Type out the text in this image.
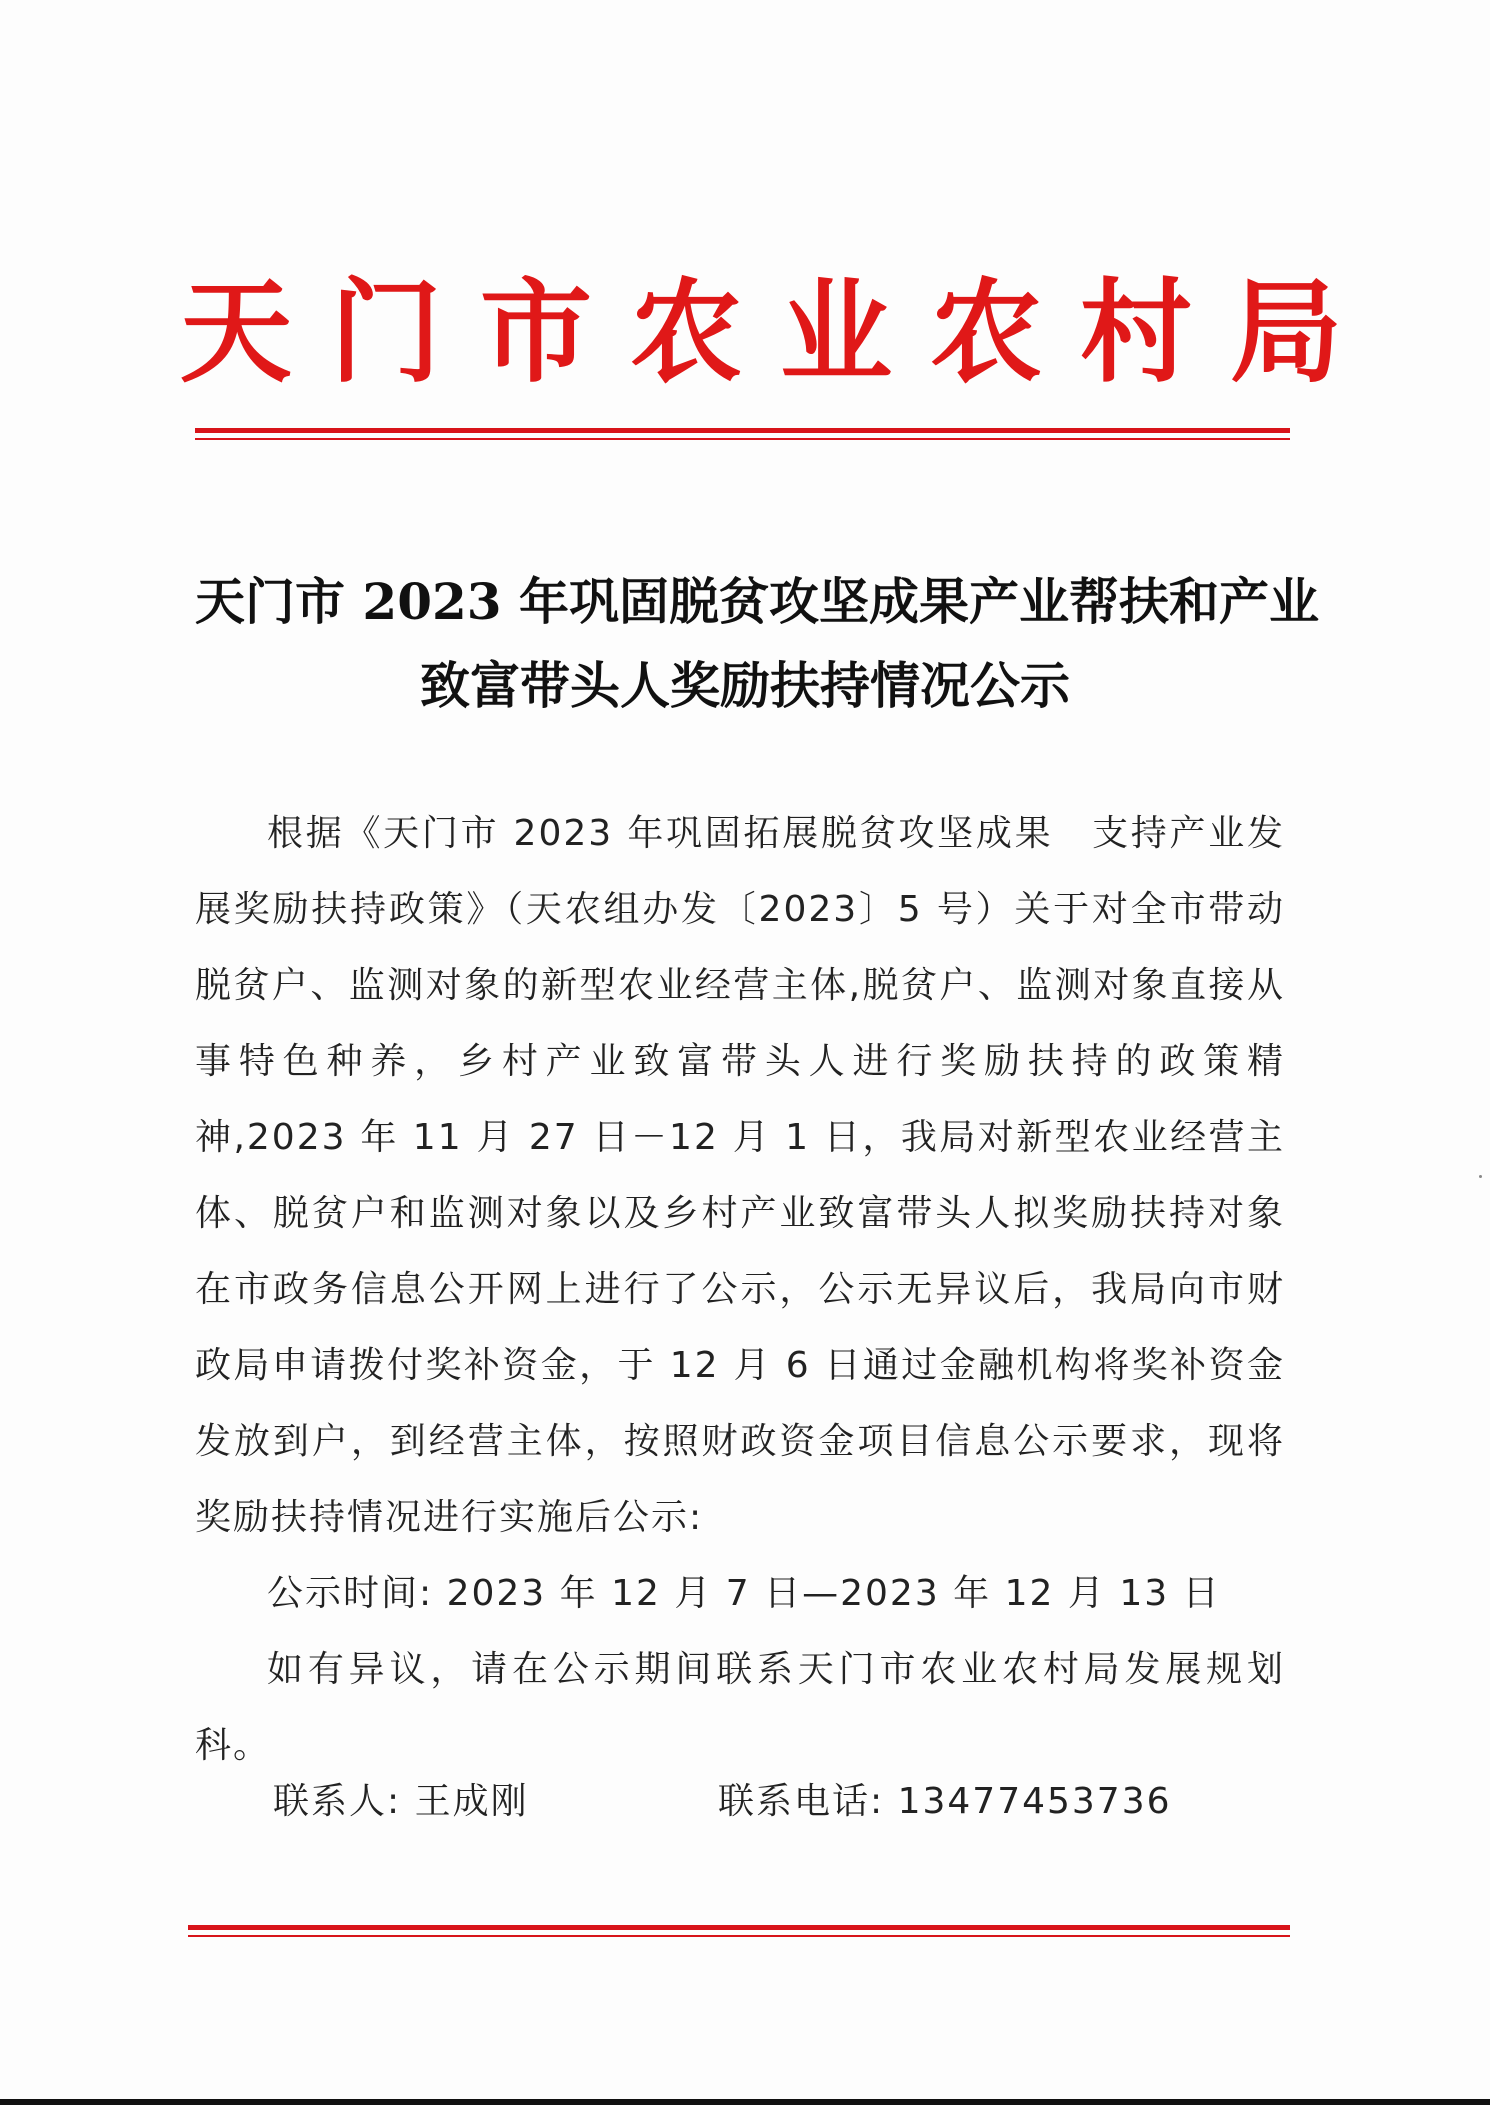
天门市农业农村局
天门市 2023 年巩固脱贫攻坚成果产业帮扶和产业
致富带头人奖励扶持情况公示

根据《天门市 2023 年巩固拓展脱贫攻坚成果　支持产业发展奖励扶持政策》（天农组办发〔2023〕5 号）关于对全市带动脱贫户、监测对象的新型农业经营主体,脱贫户、监测对象直接从事特色种养，乡村产业致富带头人进行奖励扶持的政策精神,2023 年 11 月 27 日－12 月 1 日，我局对新型农业经营主体、脱贫户和监测对象以及乡村产业致富带头人拟奖励扶持对象在市政务信息公开网上进行了公示，公示无异议后，我局向市财政局申请拨付奖补资金，于 12 月 6 日通过金融机构将奖补资金发放到户，到经营主体，按照财政资金项目信息公示要求，现将奖励扶持情况进行实施后公示:

公示时间: 2023 年 12 月 7 日—2023 年 12 月 13 日

如有异议，请在公示期间联系天门市农业农村局发展规划科。

联系人: 王成刚	联系电话: 13477453736
